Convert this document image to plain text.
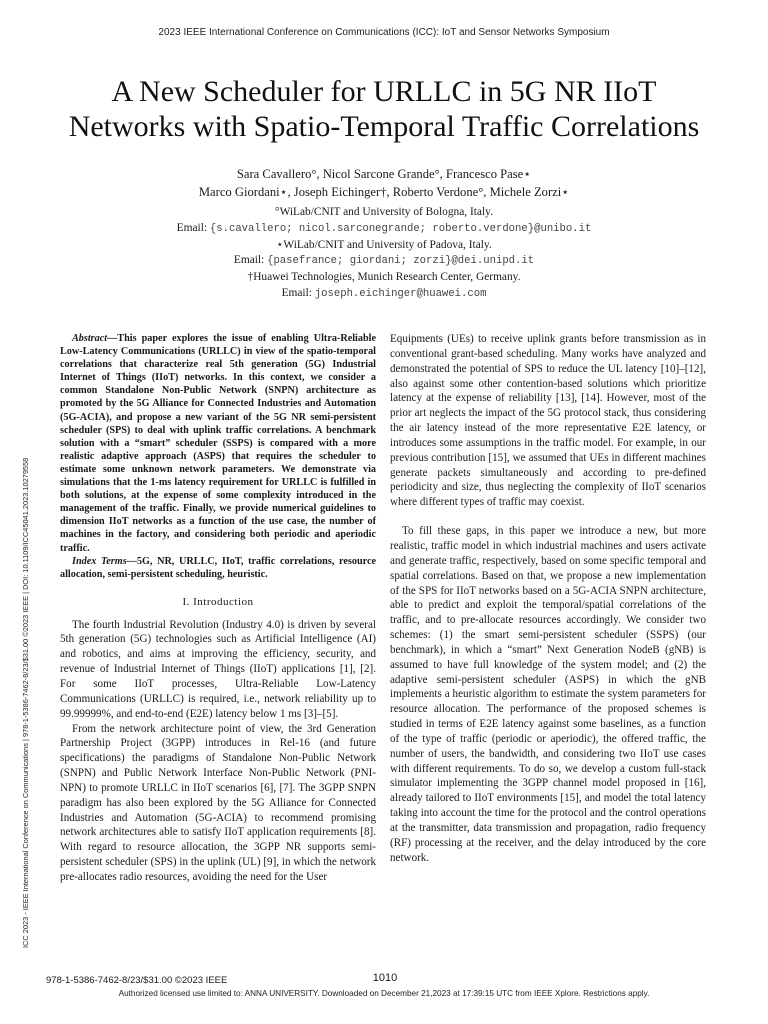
2023 IEEE International Conference on Communications (ICC): IoT and Sensor Networks Symposium
A New Scheduler for URLLC in 5G NR IIoT
Networks with Spatio-Temporal Traffic Correlations
Sara Cavallero°, Nicol Sarcone Grande°, Francesco Pase⋆
Marco Giordani⋆, Joseph Eichinger†, Roberto Verdone°, Michele Zorzi⋆
°WiLab/CNIT and University of Bologna, Italy.
Email: {s.cavallero; nicol.sarconegrande; roberto.verdone}@unibo.it
⋆WiLab/CNIT and University of Padova, Italy.
Email: {pasefrance; giordani; zorzi}@dei.unipd.it
†Huawei Technologies, Munich Research Center, Germany.
Email: joseph.eichinger@huawei.com
ICC 2023 - IEEE International Conference on Communications | 978-1-5386-7462-8/23/$31.00 ©2023 IEEE | DOI: 10.1109/ICC45041.2023.10279558

Abstract—This paper explores the issue of enabling Ultra-Reliable Low-Latency Communications (URLLC) in view of the spatio-temporal correlations that characterize real 5th generation (5G) Industrial Internet of Things (IIoT) networks. In this context, we consider a common Standalone Non-Public Network (SNPN) architecture as promoted by the 5G Alliance for Connected Industries and Automation (5G-ACIA), and propose a new variant of the 5G NR semi-persistent scheduler (SPS) to deal with uplink traffic correlations. A benchmark solution with a “smart” scheduler (SSPS) is compared with a more realistic adaptive approach (ASPS) that requires the scheduler to estimate some unknown network parameters. We demonstrate via simulations that the 1-ms latency requirement for URLLC is fulfilled in both solutions, at the expense of some complexity introduced in the management of the traffic. Finally, we provide numerical guidelines to dimension IIoT networks as a function of the use case, the number of machines in the factory, and considering both periodic and aperiodic traffic.

Index Terms—5G, NR, URLLC, IIoT, traffic correlations, resource allocation, semi-persistent scheduling, heuristic.

I. Introduction

The fourth Industrial Revolution (Industry 4.0) is driven by several 5th generation (5G) technologies such as Artificial Intelligence (AI) and robotics, and aims at improving the efficiency, security, and revenue of Industrial Internet of Things (IIoT) applications [1], [2]. For some IIoT processes, Ultra-Reliable Low-Latency Communications (URLLC) is required, i.e., network reliability up to 99.99999%, and end-to-end (E2E) latency below 1 ms [3]–[5].

From the network architecture point of view, the 3rd Generation Partnership Project (3GPP) introduces in Rel-16 (and future specifications) the paradigms of Standalone Non-Public Network (SNPN) and Public Network Interface Non-Public Network (PNI-NPN) to promote URLLC in IIoT scenarios [6], [7]. The 3GPP SNPN paradigm has also been explored by the 5G Alliance for Connected Industries and Automation (5G-ACIA) to recommend promising network architectures able to satisfy IIoT application requirements [8]. With regard to resource allocation, the 3GPP NR supports semi-persistent scheduler (SPS) in the uplink (UL) [9], in which the network pre-allocates radio resources, avoiding the need for the User

Equipments (UEs) to receive uplink grants before transmission as in conventional grant-based scheduling. Many works have analyzed and demonstrated the potential of SPS to reduce the UL latency [10]–[12], also against some other contention-based solutions which prioritize latency at the expense of reliability [13], [14]. However, most of the prior art neglects the impact of the 5G protocol stack, thus considering the air latency instead of the more representative E2E latency, or introduces some assumptions in the traffic model. For example, in our previous contribution [15], we assumed that UEs in different machines generate packets simultaneously and according to pre-defined periodicity and size, thus neglecting the complexity of IIoT scenarios where different types of traffic may coexist.

To fill these gaps, in this paper we introduce a new, but more realistic, traffic model in which industrial machines and users activate and generate traffic, respectively, based on some specific temporal and spatial correlations. Based on that, we propose a new implementation of the SPS for IIoT networks based on a 5G-ACIA SNPN architecture, able to predict and exploit the temporal/spatial correlations of the traffic, and to pre-allocate resources accordingly. We consider two schemes: (1) the smart semi-persistent scheduler (SSPS) (our benchmark), in which a “smart” Next Generation NodeB (gNB) is assumed to have full knowledge of the system model; and (2) the adaptive semi-persistent scheduler (ASPS) in which the gNB implements a heuristic algorithm to estimate the system parameters for resource allocation. The performance of the proposed schemes is studied in terms of E2E latency against some baselines, as a function of the type of traffic (periodic or aperiodic), the offered traffic, the number of users, the bandwidth, and considering two IIoT use cases with different requirements. To do so, we develop a custom full-stack simulator implementing the 3GPP channel model proposed in [16], already tailored to IIoT environments [15], and model the total latency taking into account the time for the protocol and the control operations at the transmitter, data transmission and propagation, radio frequency (RF) processing at the receiver, and the delay introduced by the core network.

978-1-5386-7462-8/23/$31.00 ©2023 IEEE	1010
Authorized licensed use limited to: ANNA UNIVERSITY. Downloaded on December 21,2023 at 17:39:15 UTC from IEEE Xplore. Restrictions apply.
